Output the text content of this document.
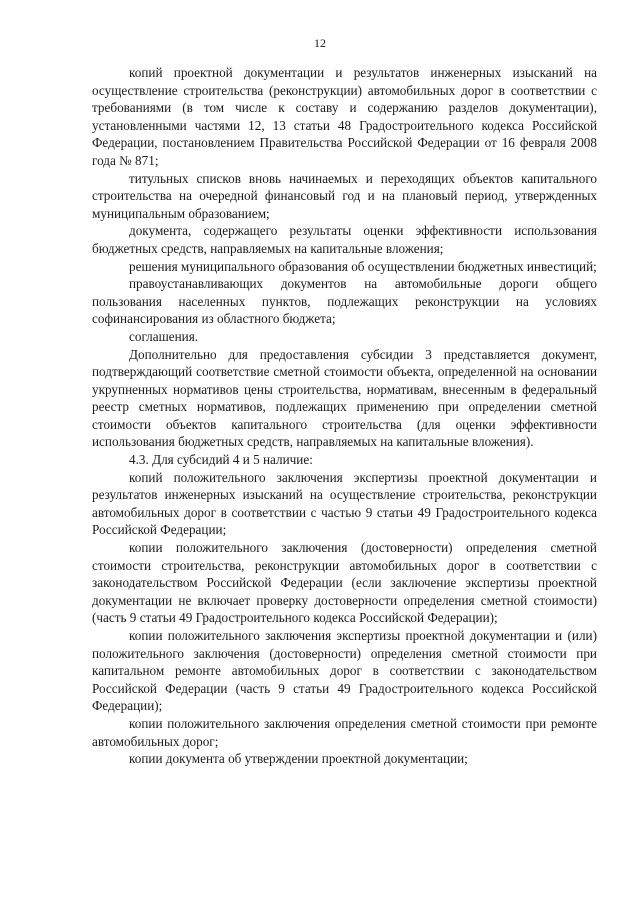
12

копий проектной документации и результатов инженерных изысканий на осуществление строительства (реконструкции) автомобильных дорог в соответствии с требованиями (в том числе к составу и содержанию разделов документации), установленными частями 12, 13 статьи 48 Градостроительного кодекса Российской Федерации, постановлением Правительства Российской Федерации от 16 февраля 2008 года № 871;

титульных списков вновь начинаемых и переходящих объектов капитального строительства на очередной финансовый год и на плановый период, утвержденных муниципальным образованием;

документа, содержащего результаты оценки эффективности использования бюджетных средств, направляемых на капитальные вложения;

решения муниципального образования об осуществлении бюджетных инвестиций;

правоустанавливающих документов на автомобильные дороги общего пользования населенных пунктов, подлежащих реконструкции на условиях софинансирования из областного бюджета;

соглашения.

Дополнительно для предоставления субсидии 3 представляется документ, подтверждающий соответствие сметной стоимости объекта, определенной на основании укрупненных нормативов цены строительства, нормативам, внесенным в федеральный реестр сметных нормативов, подлежащих применению при определении сметной стоимости объектов капитального строительства (для оценки эффективности использования бюджетных средств, направляемых на капитальные вложения).

4.3. Для субсидий 4 и 5 наличие:

копий положительного заключения экспертизы проектной документации и результатов инженерных изысканий на осуществление строительства, реконструкции автомобильных дорог в соответствии с частью 9 статьи 49 Градостроительного кодекса Российской Федерации;

копии положительного заключения (достоверности) определения сметной стоимости строительства, реконструкции автомобильных дорог в соответствии с законодательством Российской Федерации (если заключение экспертизы проектной документации не включает проверку достоверности определения сметной стоимости) (часть 9 статьи 49 Градостроительного кодекса Российской Федерации);

копии положительного заключения экспертизы проектной документации и (или) положительного заключения (достоверности) определения сметной стоимости при капитальном ремонте автомобильных дорог в соответствии с законодательством Российской Федерации (часть 9 статьи 49 Градостроительного кодекса Российской Федерации);

копии положительного заключения определения сметной стоимости при ремонте автомобильных дорог;

копии документа об утверждении проектной документации;
